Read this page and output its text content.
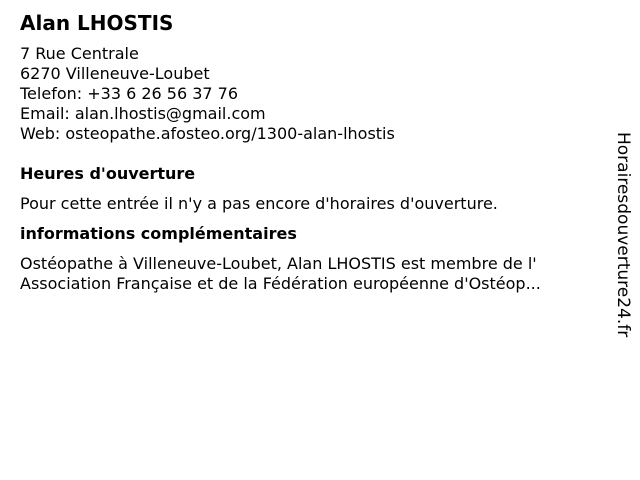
Alan LHOSTIS
7 Rue Centrale
6270 Villeneuve-Loubet
Telefon: +33 6 26 56 37 76
Email: alan.lhostis@gmail.com
Web: osteopathe.afosteo.org/1300-alan-lhostis
Heures d'ouverture
Pour cette entrée il n'y a pas encore d'horaires d'ouverture.
informations complémentaires
Ostéopathe à Villeneuve-Loubet, Alan LHOSTIS est membre de l'
Association Française et de la Fédération européenne d'Ostéop...	Horairesdouverture24.fr
